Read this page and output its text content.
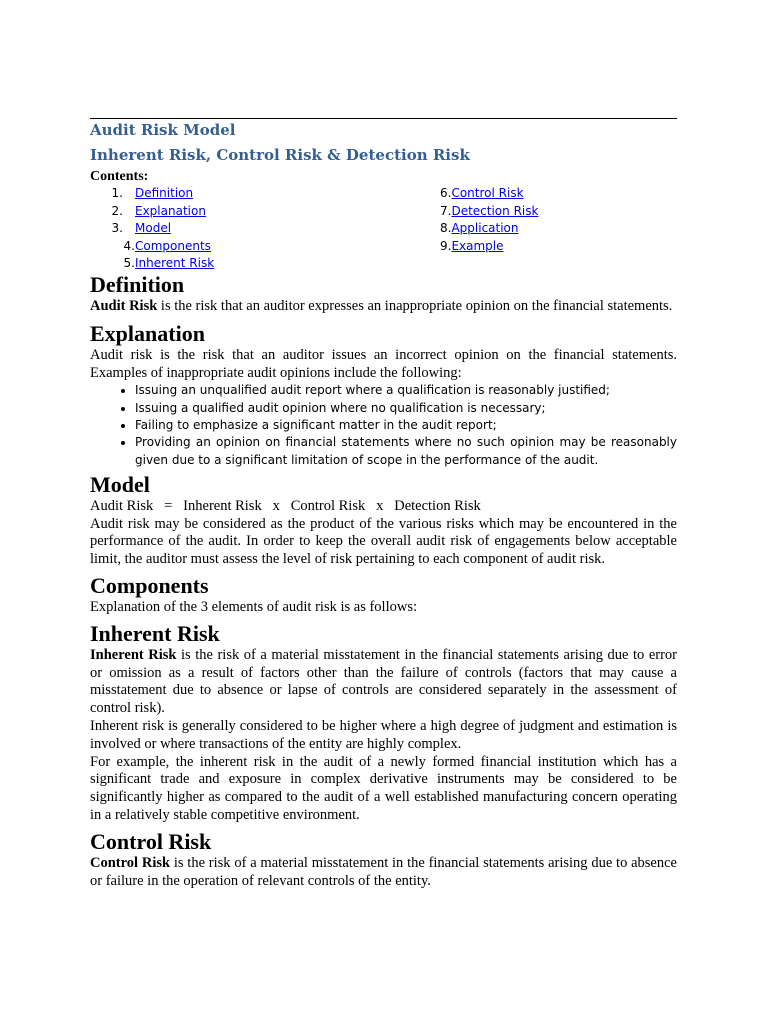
Audit Risk Model
Inherent Risk, Control Risk & Detection Risk
Contents:
1. Definition
2. Explanation
3. Model
4. Components
5. Inherent Risk
6. Control Risk
7. Detection Risk
8. Application
9. Example
Definition

Audit Risk is the risk that an auditor expresses an inappropriate opinion on the financial statements.

Explanation

Audit risk is the risk that an auditor issues an incorrect opinion on the financial statements. Examples of inappropriate audit opinions include the following:

• Issuing an unqualified audit report where a qualification is reasonably justified;
• Issuing a qualified audit opinion where no qualification is necessary;
• Failing to emphasize a significant matter in the audit report;
• Providing an opinion on financial statements where no such opinion may be reasonably given due to a significant limitation of scope in the performance of the audit.
Model
Audit Risk   =   Inherent Risk   x   Control Risk   x   Detection Risk

Audit risk may be considered as the product of the various risks which may be encountered in the performance of the audit. In order to keep the overall audit risk of engagements below acceptable limit, the auditor must assess the level of risk pertaining to each component of audit risk.

Components

Explanation of the 3 elements of audit risk is as follows:

Inherent Risk

Inherent Risk is the risk of a material misstatement in the financial statements arising due to error or omission as a result of factors other than the failure of controls (factors that may cause a misstatement due to absence or lapse of controls are considered separately in the assessment of control risk).

Inherent risk is generally considered to be higher where a high degree of judgment and estimation is involved or where transactions of the entity are highly complex.

For example, the inherent risk in the audit of a newly formed financial institution which has a significant trade and exposure in complex derivative instruments may be considered to be significantly higher as compared to the audit of a well established manufacturing concern operating in a relatively stable competitive environment.

Control Risk

Control Risk is the risk of a material misstatement in the financial statements arising due to absence or failure in the operation of relevant controls of the entity.
